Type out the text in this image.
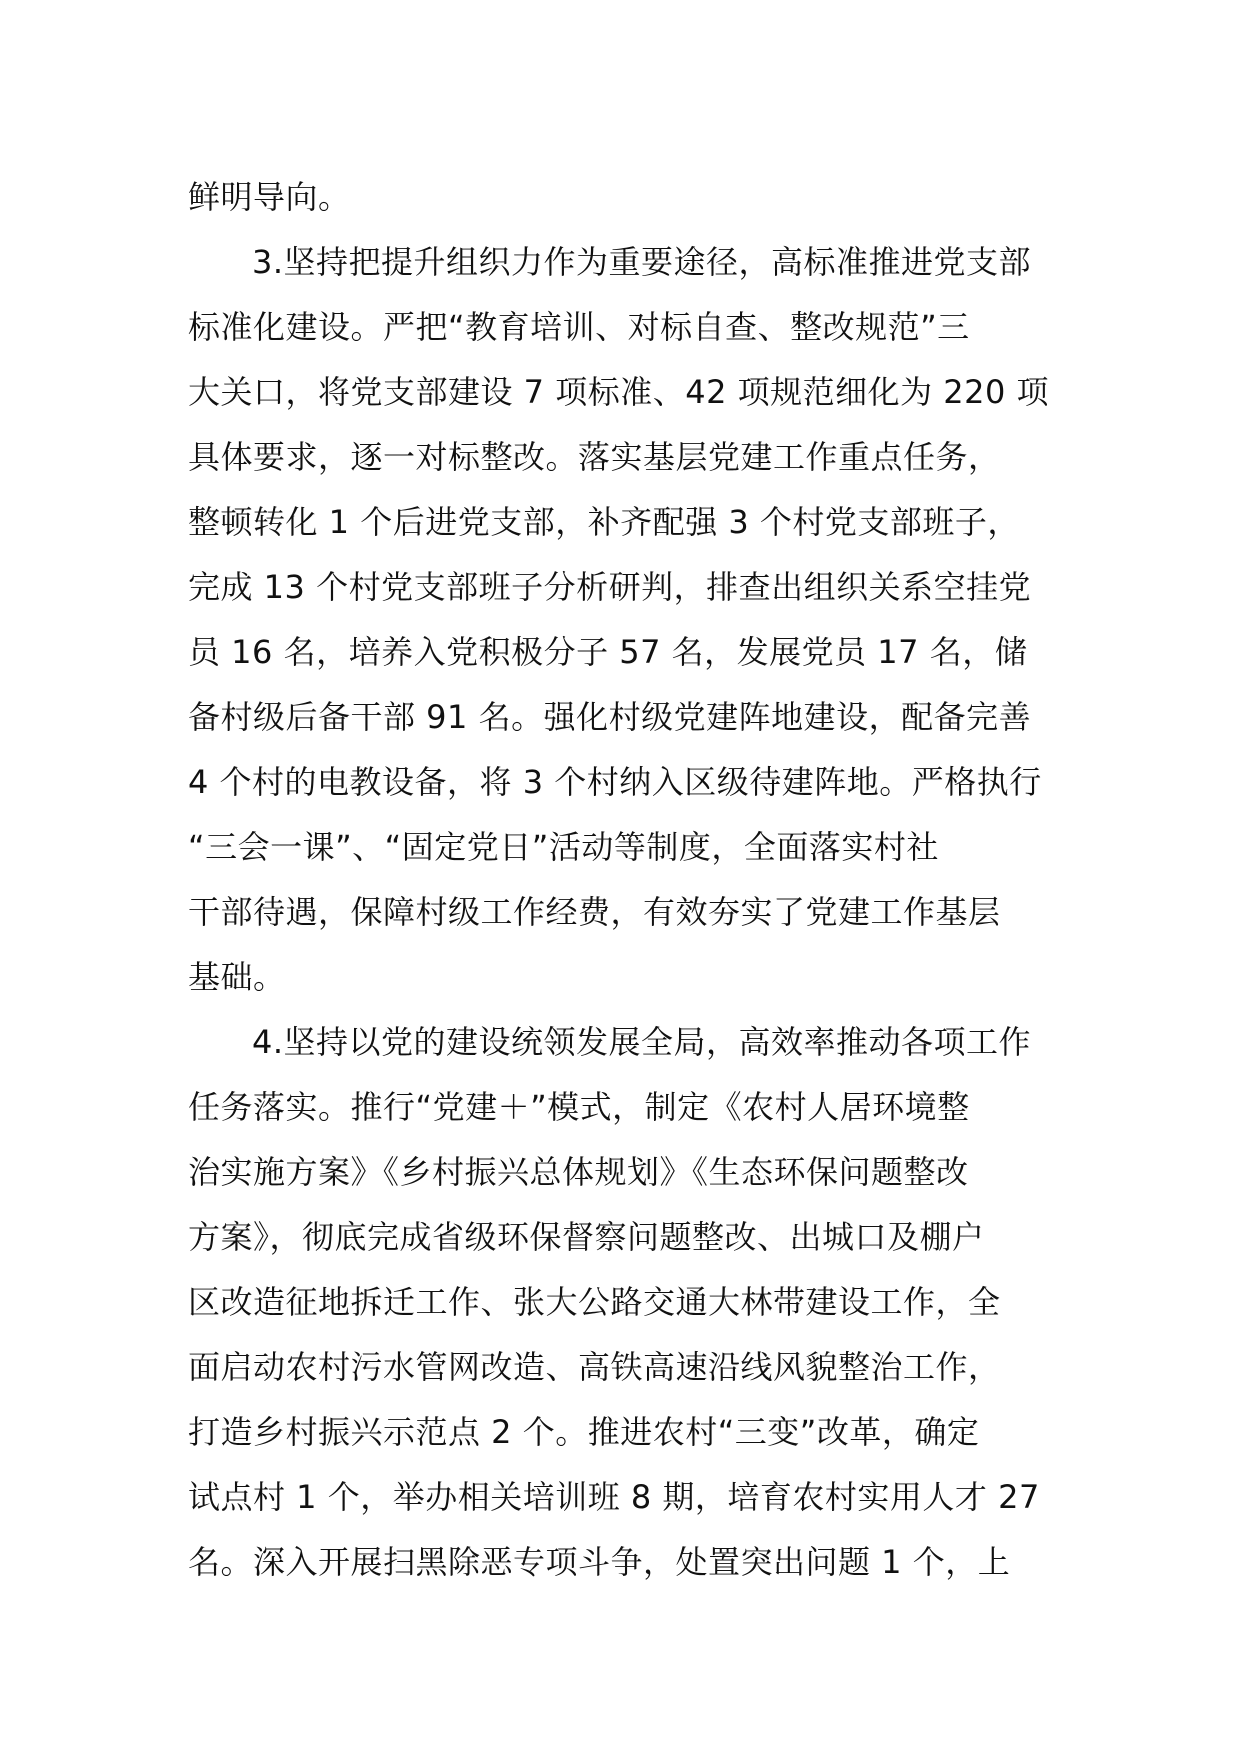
鲜明导向。
3.坚持把提升组织力作为重要途径，高标准推进党支部
标准化建设。严把“教育培训、对标自查、整改规范”三
大关口，将党支部建设 7 项标准、42 项规范细化为 220 项
具体要求，逐一对标整改。落实基层党建工作重点任务，
整顿转化 1 个后进党支部，补齐配强 3 个村党支部班子，
完成 13 个村党支部班子分析研判，排查出组织关系空挂党
员 16 名，培养入党积极分子 57 名，发展党员 17 名，储
备村级后备干部 91 名。强化村级党建阵地建设，配备完善
4 个村的电教设备，将 3 个村纳入区级待建阵地。严格执行
“三会一课”、“固定党日”活动等制度，全面落实村社
干部待遇，保障村级工作经费，有效夯实了党建工作基层
基础。
4.坚持以党的建设统领发展全局，高效率推动各项工作
任务落实。推行“党建＋”模式，制定《农村人居环境整
治实施方案》《乡村振兴总体规划》《生态环保问题整改
方案》，彻底完成省级环保督察问题整改、出城口及棚户
区改造征地拆迁工作、张大公路交通大林带建设工作，全
面启动农村污水管网改造、高铁高速沿线风貌整治工作，
打造乡村振兴示范点 2 个。推进农村“三变”改革，确定
试点村 1 个，举办相关培训班 8 期，培育农村实用人才 27
名。深入开展扫黑除恶专项斗争，处置突出问题 1 个，上
